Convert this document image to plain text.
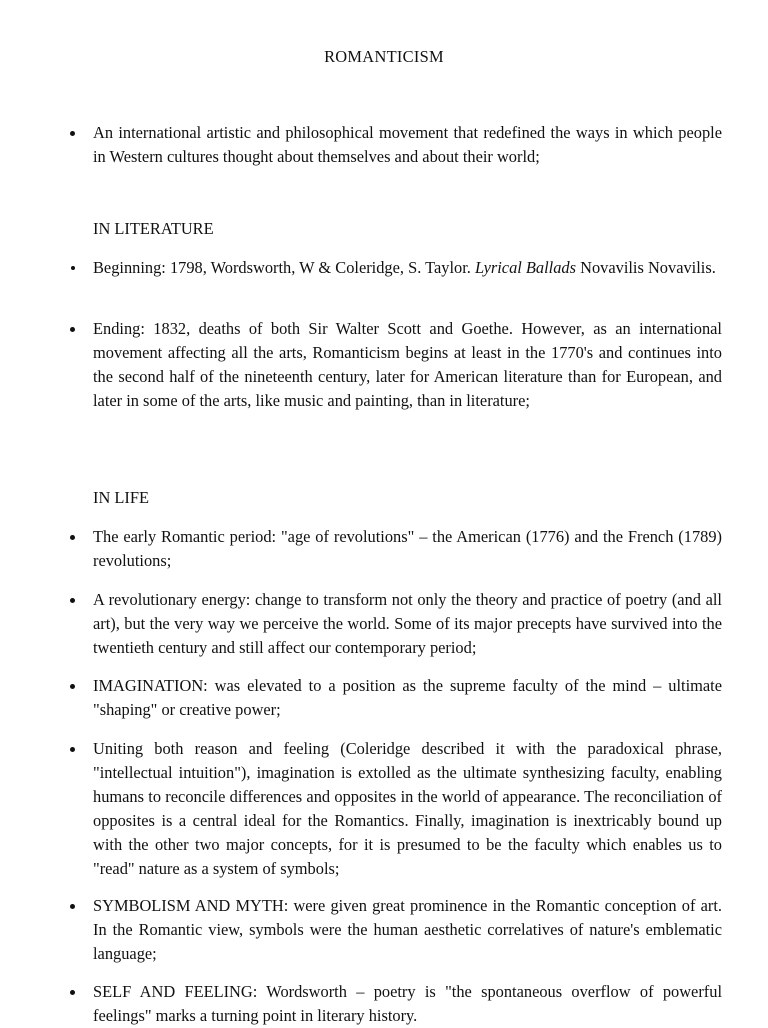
ROMANTICISM
An international artistic and philosophical movement that redefined the ways in which people in Western cultures thought about themselves and about their world;
IN LITERATURE
Beginning: 1798, Wordsworth, W & Coleridge, S. Taylor. Lyrical Ballads Novavilis Novavilis.
Ending: 1832, deaths of both Sir Walter Scott and Goethe. However, as an international movement affecting all the arts, Romanticism begins at least in the 1770's and continues into the second half of the nineteenth century, later for American literature than for European, and later in some of the arts, like music and painting, than in literature;
IN LIFE
The early Romantic period: "age of revolutions" – the American (1776) and the French (1789) revolutions;
A revolutionary energy: change to transform not only the theory and practice of poetry (and all art), but the very way we perceive the world. Some of its major precepts have survived into the twentieth century and still affect our contemporary period;
IMAGINATION: was elevated to a position as the supreme faculty of the mind – ultimate "shaping" or creative power;
Uniting both reason and feeling (Coleridge described it with the paradoxical phrase, "intellectual intuition"), imagination is extolled as the ultimate synthesizing faculty, enabling humans to reconcile differences and opposites in the world of appearance. The reconciliation of opposites is a central ideal for the Romantics. Finally, imagination is inextricably bound up with the other two major concepts, for it is presumed to be the faculty which enables us to "read" nature as a system of symbols;
SYMBOLISM AND MYTH: were given great prominence in the Romantic conception of art. In the Romantic view, symbols were the human aesthetic correlatives of nature's emblematic language;
SELF AND FEELING: Wordsworth – poetry is "the spontaneous overflow of powerful feelings" marks a turning point in literary history.
